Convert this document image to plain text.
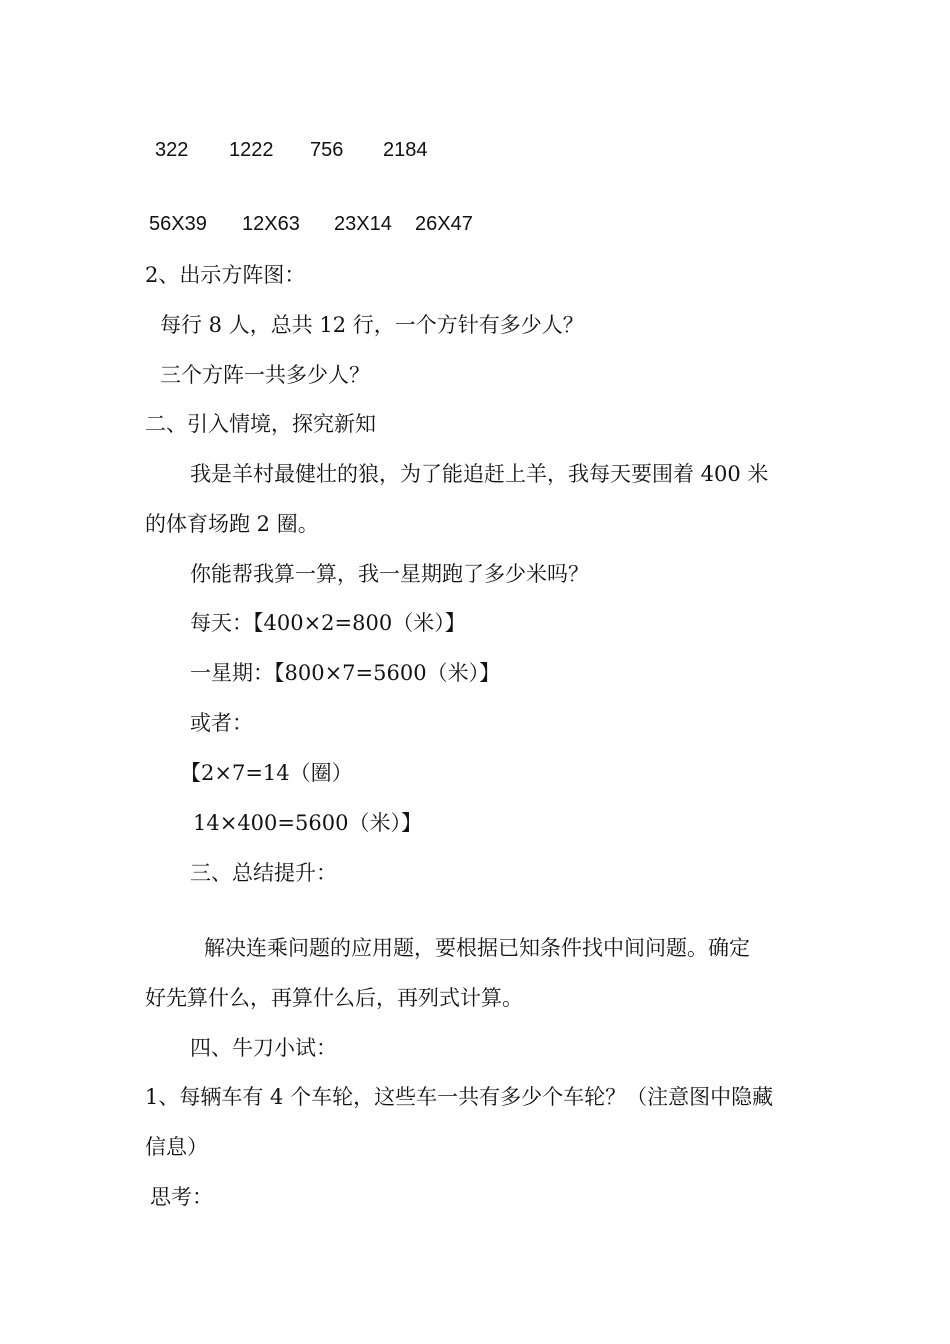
322

1222

756

2184

56X39

12X63

23X14

26X47

2、出示方阵图：
每行 8 人，总共 12 行，一个方针有多少人？
三个方阵一共多少人？
二、引入情境，探究新知
我是羊村最健壮的狼，为了能追赶上羊，我每天要围着 400 米
的体育场跑 2 圈。
你能帮我算一算，我一星期跑了多少米吗？
每天：【400×2=800（米）】
一星期：【800×7=5600（米）】
或者：
【2×7=14（圈）
14×400=5600（米）】
三、总结提升：
解决连乘问题的应用题，要根据已知条件找中间问题。确定
好先算什么，再算什么后，再列式计算。
四、牛刀小试：
1、每辆车有 4 个车轮，这些车一共有多少个车轮？（注意图中隐藏
信息）
思考：
